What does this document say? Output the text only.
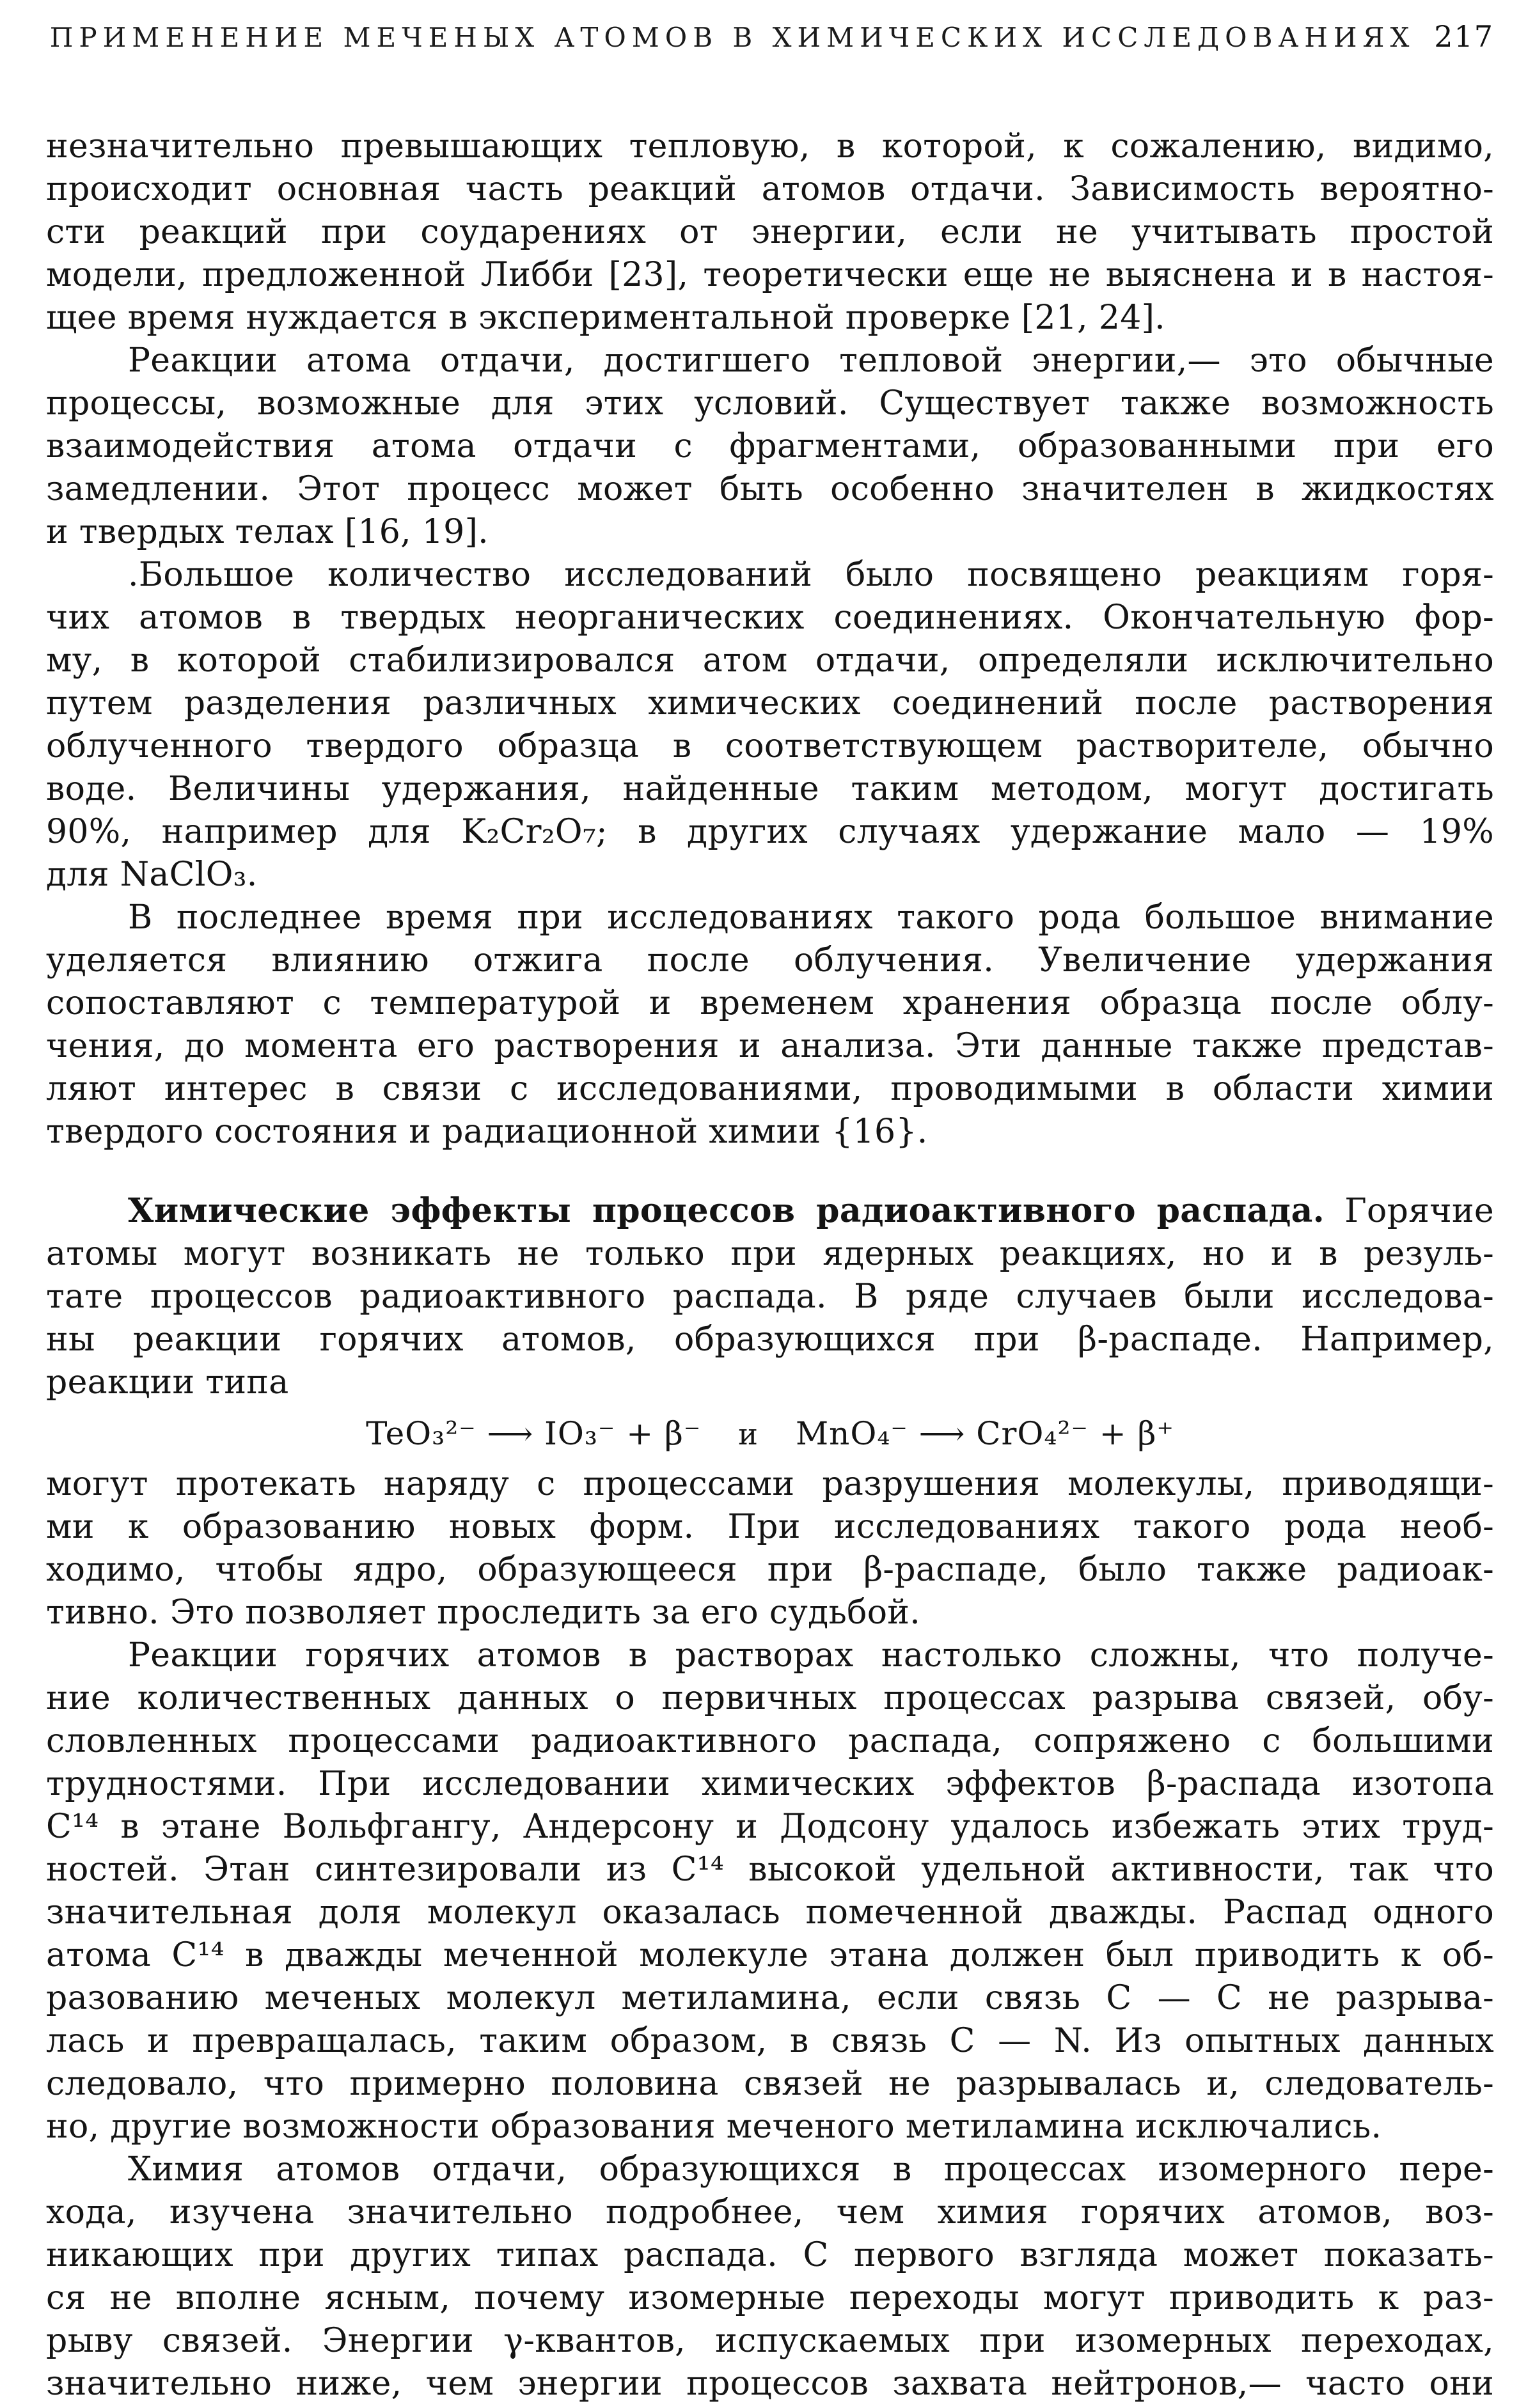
ПРИМЕНЕНИЕ МЕЧЕНЫХ АТОМОВ В ХИМИЧЕСКИХ ИССЛЕДОВАНИЯХ 217
незначительно превышающих тепловую, в которой, к сожалению, видимо,
происходит основная часть реакций атомов отдачи. Зависимость вероятно-
сти реакций при соударениях от энергии, если не учитывать простой
модели, предложенной Либби [23], теоретически еще не выяснена и в настоя-
щее время нуждается в экспериментальной проверке [21, 24].
Реакции атома отдачи, достигшего тепловой энергии,— это обычные
процессы, возможные для этих условий. Существует также возможность
взаимодействия атома отдачи с фрагментами, образованными при его
замедлении. Этот процесс может быть особенно значителен в жидкостях
и твердых телах [16, 19].
.Большое количество исследований было посвящено реакциям горя-
чих атомов в твердых неорганических соединениях. Окончательную фор-
му, в которой стабилизировался атом отдачи, определяли исключительно
путем разделения различных химических соединений после растворения
облученного твердого образца в соответствующем растворителе, обычно
воде. Величины удержания, найденные таким методом, могут достигать
90%, например для K₂Cr₂O₇; в других случаях удержание мало — 19%
для NaClO₃.
В последнее время при исследованиях такого рода большое внимание
уделяется влиянию отжига после облучения. Увеличение удержания
сопоставляют с температурой и временем хранения образца после облу-
чения, до момента его растворения и анализа. Эти данные также представ-
ляют интерес в связи с исследованиями, проводимыми в области химии
твердого состояния и радиационной химии {16}.
Химические эффекты процессов радиоактивного распада. Горячие
атомы могут возникать не только при ядерных реакциях, но и в резуль-
тате процессов радиоактивного распада. В ряде случаев были исследова-
ны реакции горячих атомов, образующихся при β-распаде. Например,
реакции типа
TeO₃²⁻ ⟶ IO₃⁻ + β⁻ и MnO₄⁻ ⟶ CrO₄²⁻ + β⁺
могут протекать наряду с процессами разрушения молекулы, приводящи-
ми к образованию новых форм. При исследованиях такого рода необ-
ходимо, чтобы ядро, образующееся при β-распаде, было также радиоак-
тивно. Это позволяет проследить за его судьбой.
Реакции горячих атомов в растворах настолько сложны, что получе-
ние количественных данных о первичных процессах разрыва связей, обу-
словленных процессами радиоактивного распада, сопряжено с большими
трудностями. При исследовании химических эффектов β-распада изотопа
C¹⁴ в этане Вольфгангу, Андерсону и Додсону удалось избежать этих труд-
ностей. Этан синтезировали из C¹⁴ высокой удельной активности, так что
значительная доля молекул оказалась помеченной дважды. Распад одного
атома C¹⁴ в дважды меченной молекуле этана должен был приводить к об-
разованию меченых молекул метиламина, если связь C — C не разрыва-
лась и превращалась, таким образом, в связь C — N. Из опытных данных
следовало, что примерно половина связей не разрывалась и, следователь-
но, другие возможности образования меченого метиламина исключались.
Химия атомов отдачи, образующихся в процессах изомерного пере-
хода, изучена значительно подробнее, чем химия горячих атомов, воз-
никающих при других типах распада. С первого взгляда может показать-
ся не вполне ясным, почему изомерные переходы могут приводить к раз-
рыву связей. Энергии γ-квантов, испускаемых при изомерных переходах,
значительно ниже, чем энергии процессов захвата нейтронов,— часто они
